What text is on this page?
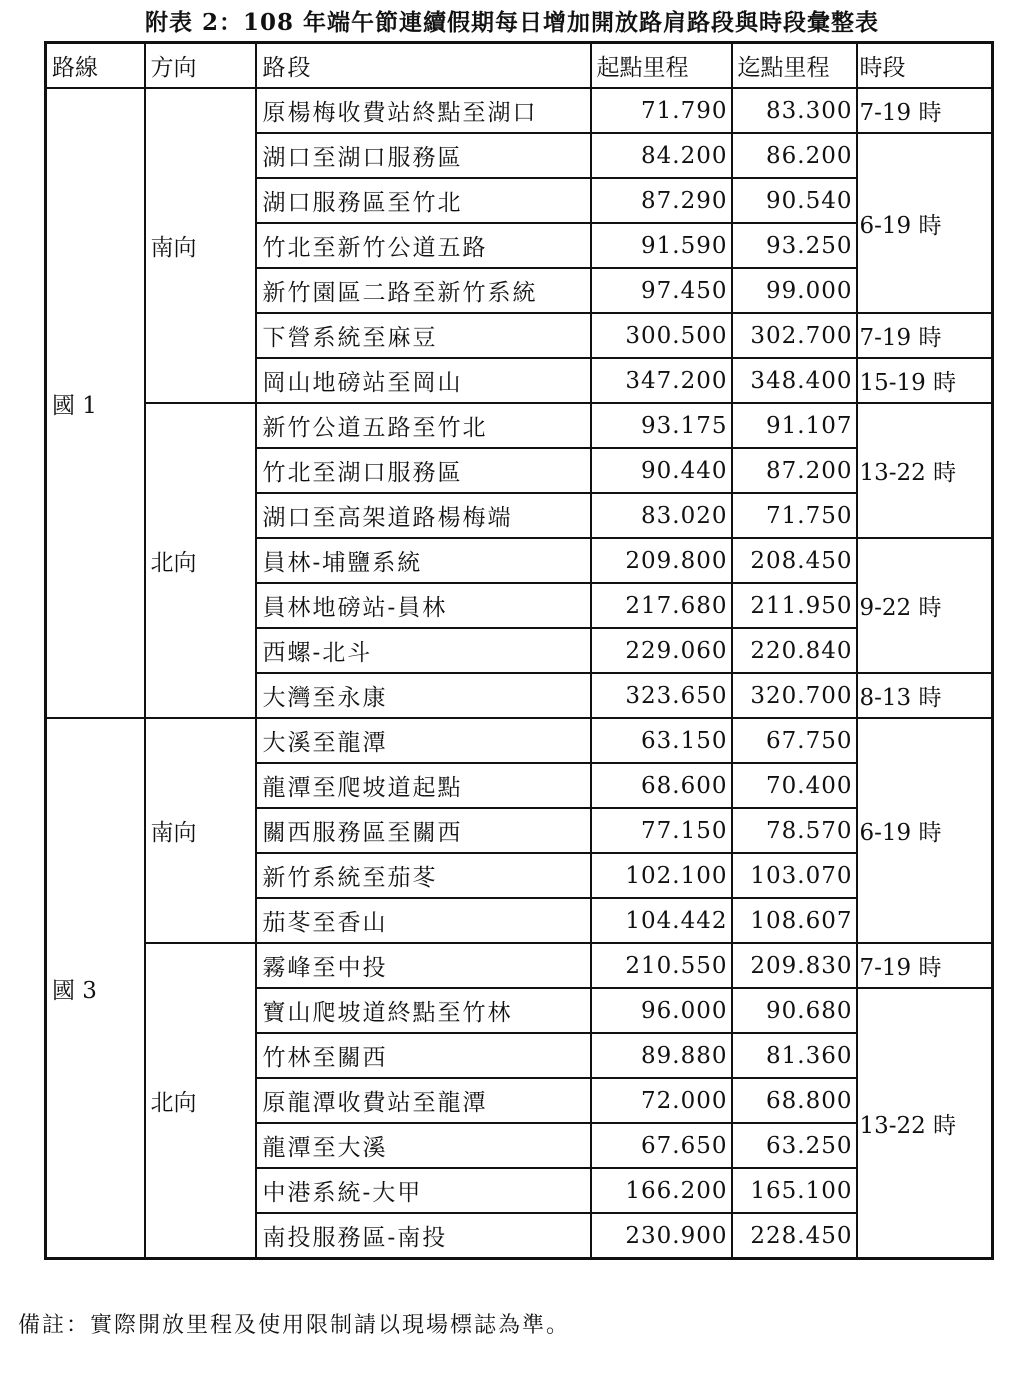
附表 2：108 年端午節連續假期每日增加開放路肩路段與時段彙整表
路線	方向	路段	起點里程	迄點里程	時段
國 1	南向	原楊梅收費站終點至湖口	71.790	83.300	7-19 時
		湖口至湖口服務區	84.200	86.200	6-19 時
		湖口服務區至竹北	87.290	90.540	
		竹北至新竹公道五路	91.590	93.250	
		新竹園區二路至新竹系統	97.450	99.000	
		下營系統至麻豆	300.500	302.700	7-19 時
		岡山地磅站至岡山	347.200	348.400	15-19 時
	北向	新竹公道五路至竹北	93.175	91.107	13-22 時
		竹北至湖口服務區	90.440	87.200	
		湖口至高架道路楊梅端	83.020	71.750	
		員林-埔鹽系統	209.800	208.450	9-22 時
		員林地磅站-員林	217.680	211.950	
		西螺-北斗	229.060	220.840	
		大灣至永康	323.650	320.700	8-13 時
國 3	南向	大溪至龍潭	63.150	67.750	6-19 時
		龍潭至爬坡道起點	68.600	70.400	
		關西服務區至關西	77.150	78.570	
		新竹系統至茄苳	102.100	103.070	
		茄苳至香山	104.442	108.607	
	北向	霧峰至中投	210.550	209.830	7-19 時
		寶山爬坡道終點至竹林	96.000	90.680	13-22 時
		竹林至關西	89.880	81.360	
		原龍潭收費站至龍潭	72.000	68.800	
		龍潭至大溪	67.650	63.250	
		中港系統-大甲	166.200	165.100	
		南投服務區-南投	230.900	228.450	
備註：實際開放里程及使用限制請以現場標誌為準。
